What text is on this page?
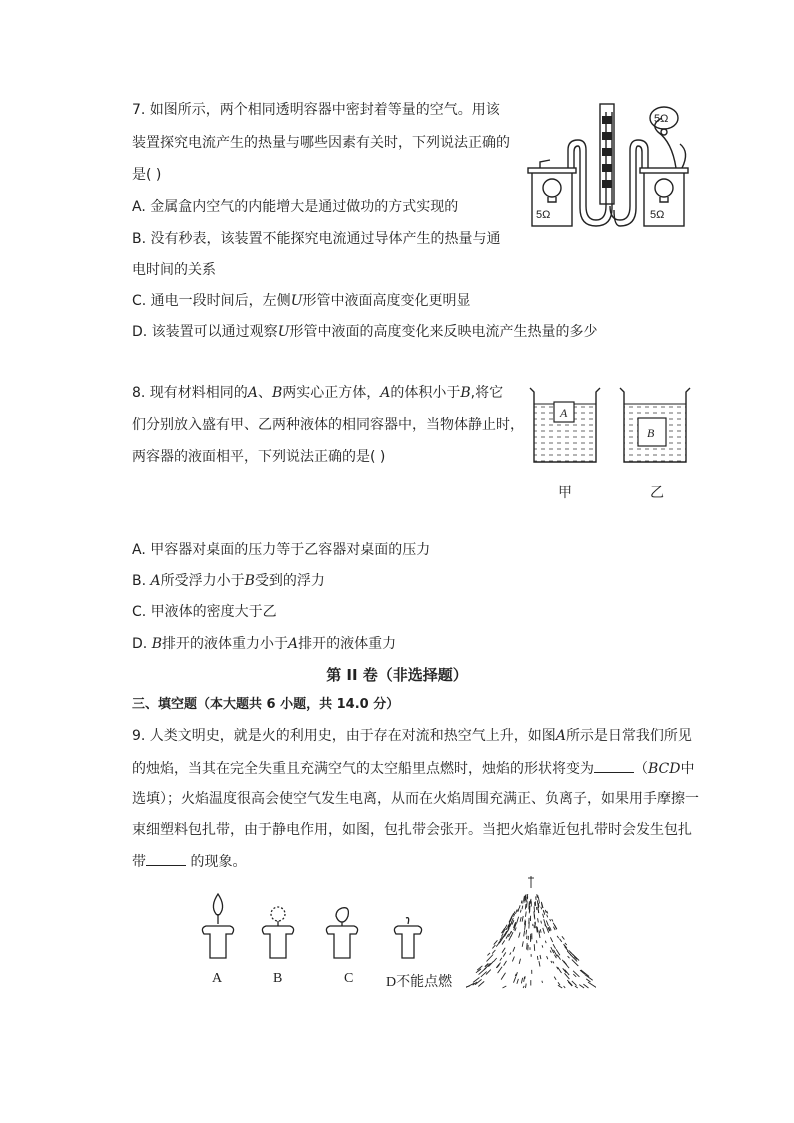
7. 如图所示，两个相同透明容器中密封着等量的空气。用该
装置探究电流产生的热量与哪些因素有关时，下列说法正确的
是( )
A. 金属盒内空气的内能增大是通过做功的方式实现的
B. 没有秒表，该装置不能探究电流通过导体产生的热量与通
电时间的关系
C. 通电一段时间后，左侧U形管中液面高度变化更明显
D. 该装置可以通过观察U形管中液面的高度变化来反映电流产生热量的多少
5Ω	5Ω
5Ω
8. 现有材料相同的A、B两实心正方体，A的体积小于B,将它
们分别放入盛有甲、乙两种液体的相同容器中，当物体静止时，
两容器的液面相平，下列说法正确的是( )
A
B
甲	乙
A. 甲容器对桌面的压力等于乙容器对桌面的压力
B. A所受浮力小于B受到的浮力
C. 甲液体的密度大于乙
D. B排开的液体重力小于A排开的液体重力
第 II 卷（非选择题）
三、填空题（本大题共 6 小题，共 14.0 分）
9. 人类文明史，就是火的利用史，由于存在对流和热空气上升，如图A所示是日常我们所见
的烛焰，当其在完全失重且充满空气的太空船里点燃时，烛焰的形状将变为	（BCD中
选填）；火焰温度很高会使空气发生电离，从而在火焰周围充满正、负离子，如果用手摩擦一
束细塑料包扎带，由于静电作用，如图，包扎带会张开。当把火焰靠近包扎带时会发生包扎
带	的现象。
A	B	C D不能点燃
